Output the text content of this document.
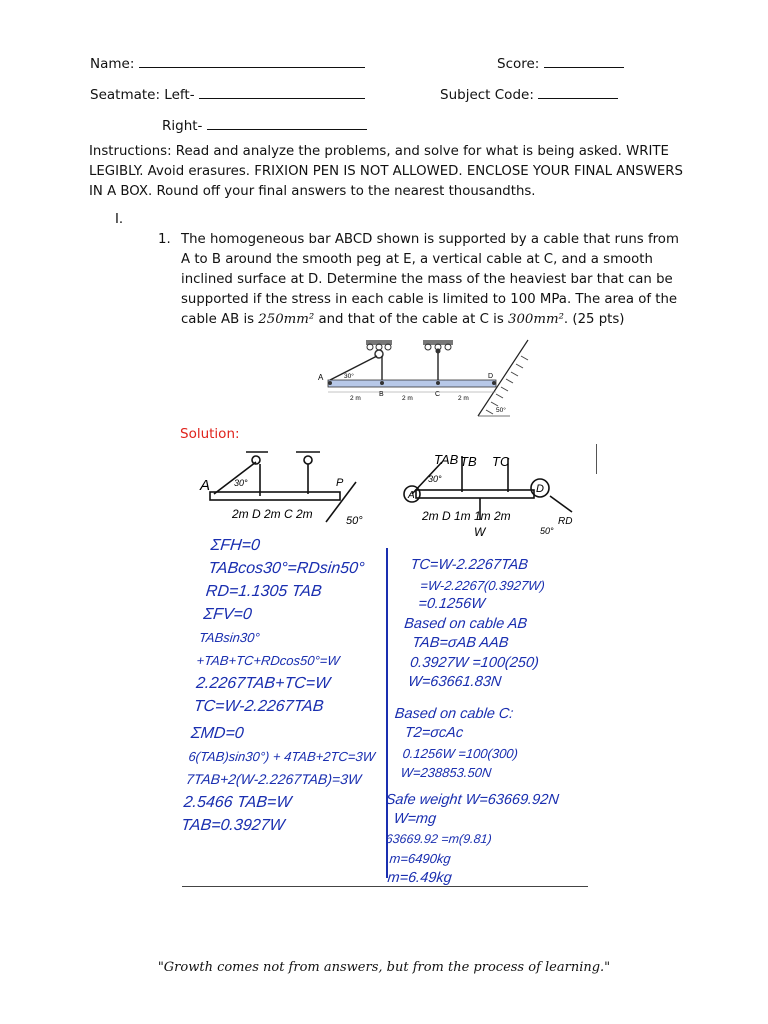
Name:	Score:
Seatmate: Left-	Subject Code:
Right-
Instructions: Read and analyze the problems, and solve for what is being asked. WRITE LEGIBLY. Avoid erasures. FRIXION PEN IS NOT ALLOWED. ENCLOSE YOUR FINAL ANSWERS IN A BOX. Round off your final answers to the nearest thousandths.
I.
1. The homogeneous bar ABCD shown is supported by a cable that runs from A to B around the smooth peg at E, a vertical cable at C, and a smooth inclined surface at D. Determine the mass of the heaviest bar that can be supported if the stress in each cable is limited to 100 MPa. The area of the cable AB is 250mm² and that of the cable at C is 300mm². (25 pts)
A
B	C
D
30°
50°
2 m	2 m	2 m
Solution:
A	30°
2m D 2m C 2m	50°
P
TAB TB TC
A
30°
D
2m D 1m 1m 2m
W	50°
RD
ΣFH=0
TABcos30°=RDsin50°
RD=1.1305 TAB
ΣFV=0
TABsin30°+TAB+TC+RDcos50°=W
2.2267TAB+TC=W
TC=W-2.2267TAB
ΣMD=0
6(TAB)sin30°) + 4TAB+2TC=3W
7TAB+2(W-2.2267TAB)=3W
2.5466 TAB=W
TAB=0.3927W
TC=W-2.2267TAB
=W-2.2267(0.3927W)
=0.1256W
Based on cable AB
TAB=σAB AAB
0.3927W =100(250)
W=63661.83N
Based on cable C:
T2=σcAc
0.1256W =100(300)
W=238853.50N
Safe weight W=63669.92N
W=mg
63669.92 =m(9.81)
m=6490kg
m=6.49kg
"Growth comes not from answers, but from the process of learning."
